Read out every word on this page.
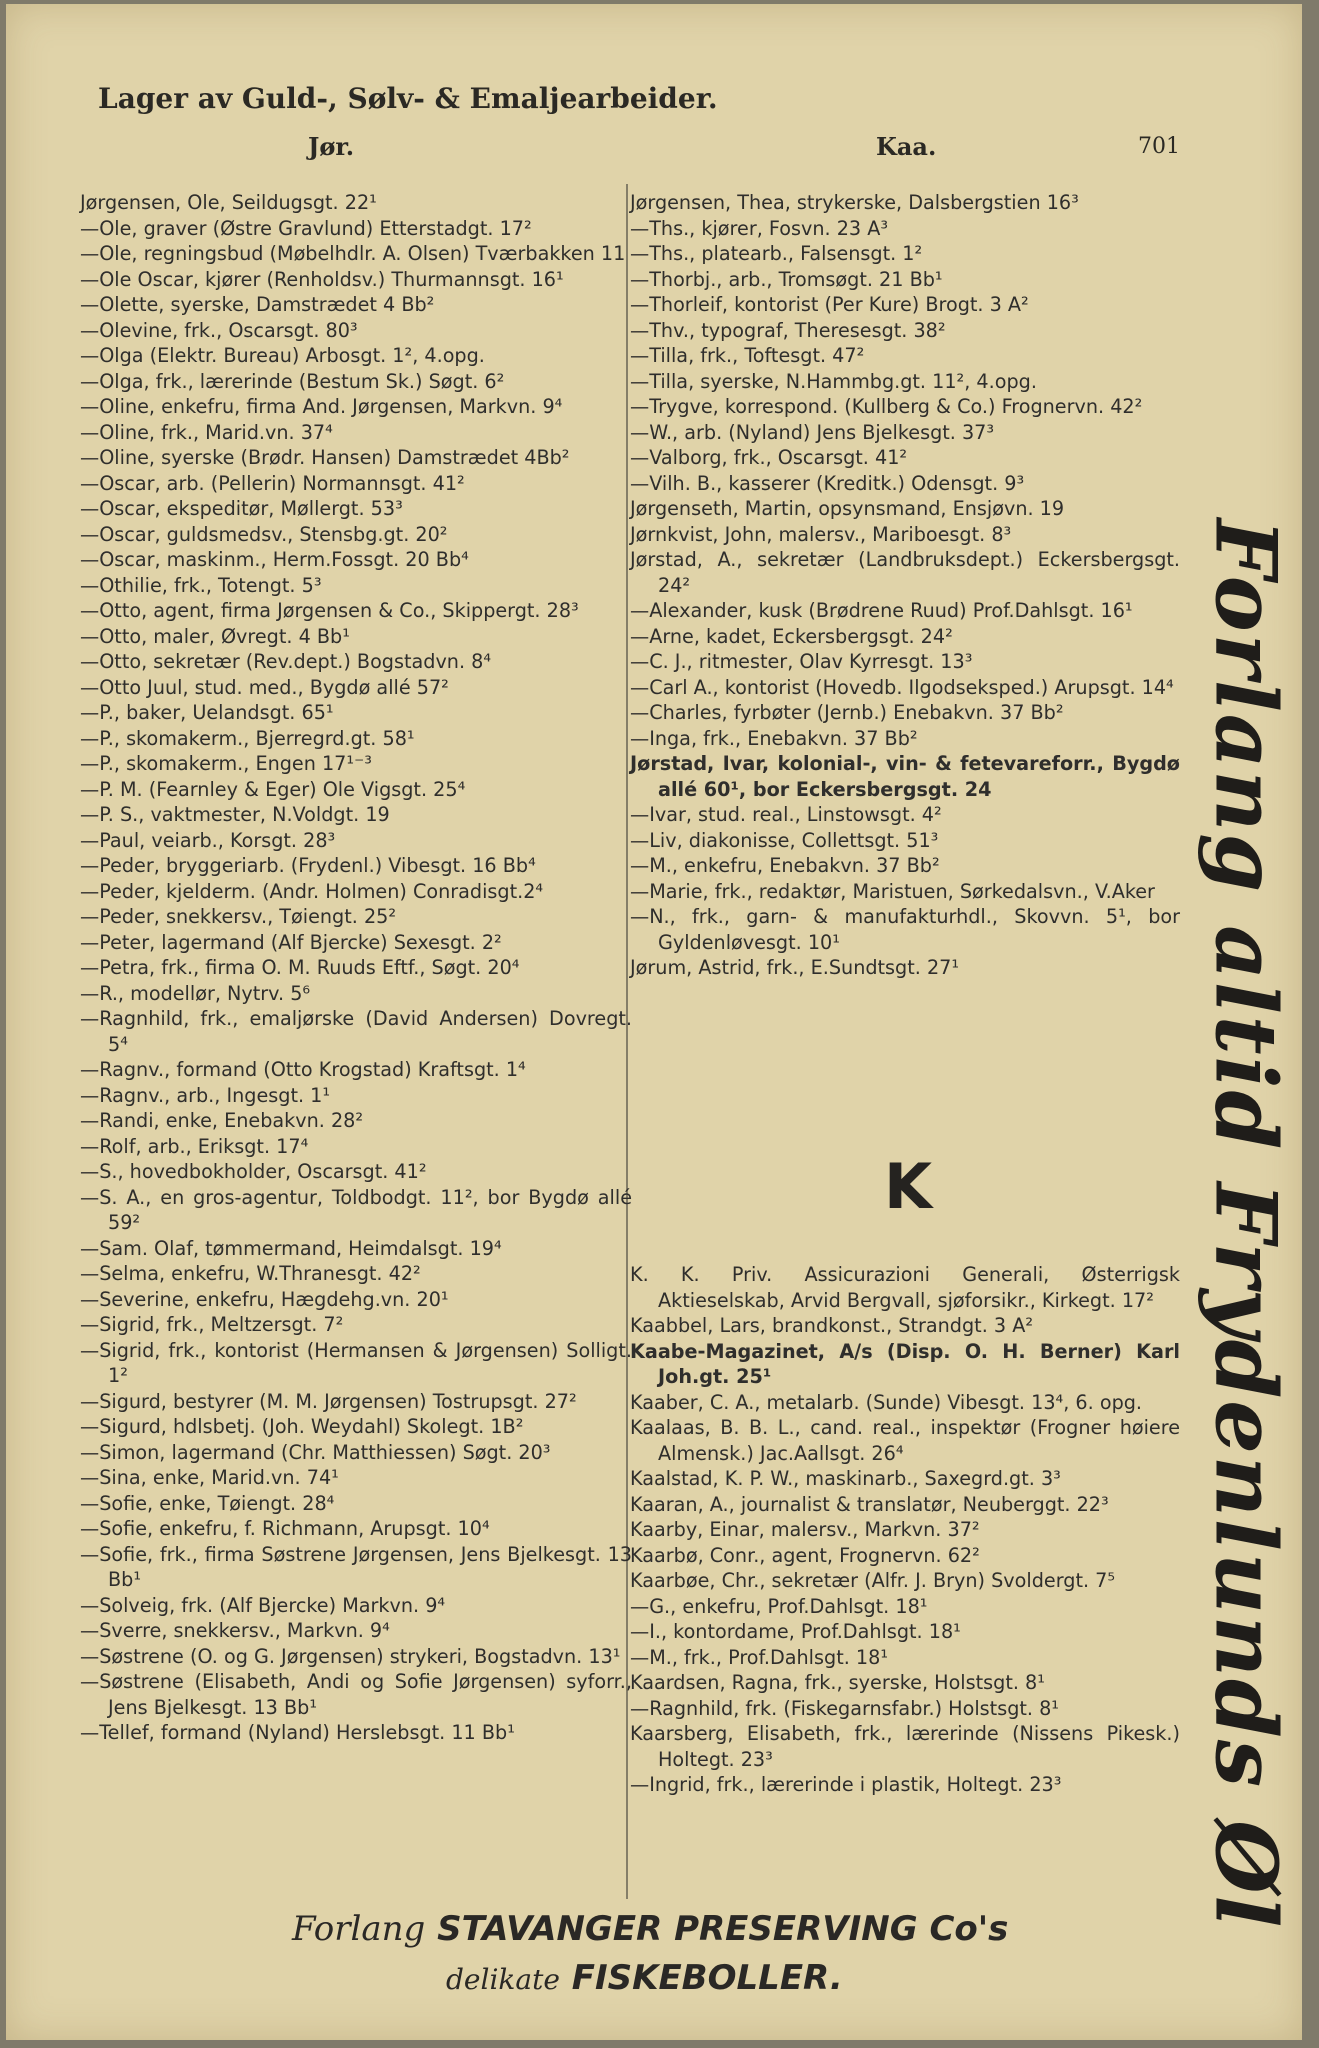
Lager av Guld-, Sølv- & Emaljearbeider.
Jør.	Kaa.	701

Jørgensen, Ole, Seildugsgt. 22¹

—Ole, graver (Østre Gravlund) Etterstadgt. 17²

—Ole, regningsbud (Møbelhdlr. A. Olsen) Tværbakken 11

—Ole Oscar, kjører (Renholdsv.) Thurmannsgt. 16¹

—Olette, syerske, Damstrædet 4 Bb²

—Olevine, frk., Oscarsgt. 80³

—Olga (Elektr. Bureau) Arbosgt. 1², 4.opg.

—Olga, frk., lærerinde (Bestum Sk.) Søgt. 6²

—Oline, enkefru, firma And. Jørgensen, Markvn. 9⁴

—Oline, frk., Marid.vn. 37⁴

—Oline, syerske (Brødr. Hansen) Damstrædet 4Bb²

—Oscar, arb. (Pellerin) Normannsgt. 41²

—Oscar, ekspeditør, Møllergt. 53³

—Oscar, guldsmedsv., Stensbg.gt. 20²

—Oscar, maskinm., Herm.Fossgt. 20 Bb⁴

—Othilie, frk., Totengt. 5³

—Otto, agent, firma Jørgensen & Co., Skippergt. 28³

—Otto, maler, Øvregt. 4 Bb¹

—Otto, sekretær (Rev.dept.) Bogstadvn. 8⁴

—Otto Juul, stud. med., Bygdø allé 57²

—P., baker, Uelandsgt. 65¹

—P., skomakerm., Bjerregrd.gt. 58¹

—P., skomakerm., Engen 17¹⁻³

—P. M. (Fearnley & Eger) Ole Vigsgt. 25⁴

—P. S., vaktmester, N.Voldgt. 19

—Paul, veiarb., Korsgt. 28³

—Peder, bryggeriarb. (Frydenl.) Vibesgt. 16 Bb⁴

—Peder, kjelderm. (Andr. Holmen) Conradisgt.2⁴

—Peder, snekkersv., Tøiengt. 25²

—Peter, lagermand (Alf Bjercke) Sexesgt. 2²

—Petra, frk., firma O. M. Ruuds Eftf., Søgt. 20⁴

—R., modellør, Nytrv. 5⁶

—Ragnhild, frk., emaljørske (David Andersen) Dovregt. 5⁴

—Ragnv., formand (Otto Krogstad) Kraftsgt. 1⁴

—Ragnv., arb., Ingesgt. 1¹

—Randi, enke, Enebakvn. 28²

—Rolf, arb., Eriksgt. 17⁴

—S., hovedbokholder, Oscarsgt. 41²

—S. A., en gros-agentur, Toldbodgt. 11², bor Bygdø allé 59²

—Sam. Olaf, tømmermand, Heimdalsgt. 19⁴

—Selma, enkefru, W.Thranesgt. 42²

—Severine, enkefru, Hægdehg.vn. 20¹

—Sigrid, frk., Meltzersgt. 7²

—Sigrid, frk., kontorist (Hermansen & Jørgensen) Solligt. 1²

—Sigurd, bestyrer (M. M. Jørgensen) Tostrupsgt. 27²

—Sigurd, hdlsbetj. (Joh. Weydahl) Skolegt. 1B²

—Simon, lagermand (Chr. Matthiessen) Søgt. 20³

—Sina, enke, Marid.vn. 74¹

—Sofie, enke, Tøiengt. 28⁴

—Sofie, enkefru, f. Richmann, Arupsgt. 10⁴

—Sofie, frk., firma Søstrene Jørgensen, Jens Bjelkesgt. 13 Bb¹

—Solveig, frk. (Alf Bjercke) Markvn. 9⁴

—Sverre, snekkersv., Markvn. 9⁴

—Søstrene (O. og G. Jørgensen) strykeri, Bogstadvn. 13¹

—Søstrene (Elisabeth, Andi og Sofie Jørgensen) syforr., Jens Bjelkesgt. 13 Bb¹

—Tellef, formand (Nyland) Herslebsgt. 11 Bb¹

Jørgensen, Thea, strykerske, Dalsbergstien 16³

—Ths., kjører, Fosvn. 23 A³

—Ths., platearb., Falsensgt. 1²

—Thorbj., arb., Tromsøgt. 21 Bb¹

—Thorleif, kontorist (Per Kure) Brogt. 3 A²

—Thv., typograf, Theresesgt. 38²

—Tilla, frk., Toftesgt. 47²

—Tilla, syerske, N.Hammbg.gt. 11², 4.opg.

—Trygve, korrespond. (Kullberg & Co.) Frognervn. 42²

—W., arb. (Nyland) Jens Bjelkesgt. 37³

—Valborg, frk., Oscarsgt. 41²

—Vilh. B., kasserer (Kreditk.) Odensgt. 9³

Jørgenseth, Martin, opsynsmand, Ensjøvn. 19

Jørnkvist, John, malersv., Mariboesgt. 8³

Jørstad, A., sekretær (Landbruksdept.) Eckersbergsgt. 24²

—Alexander, kusk (Brødrene Ruud) Prof.Dahlsgt. 16¹

—Arne, kadet, Eckersbergsgt. 24²

—C. J., ritmester, Olav Kyrresgt. 13³

—Carl A., kontorist (Hovedb. Ilgodseksped.) Arupsgt. 14⁴

—Charles, fyrbøter (Jernb.) Enebakvn. 37 Bb²

—Inga, frk., Enebakvn. 37 Bb²

Jørstad, Ivar, kolonial-, vin- & fetevareforr., Bygdø allé 60¹, bor Eckersbergsgt. 24

—Ivar, stud. real., Linstowsgt. 4²

—Liv, diakonisse, Collettsgt. 51³

—M., enkefru, Enebakvn. 37 Bb²

—Marie, frk., redaktør, Maristuen, Sørkedalsvn., V.Aker

—N., frk., garn- & manufakturhdl., Skovvn. 5¹, bor Gyldenløvesgt. 10¹

Jørum, Astrid, frk., E.Sundtsgt. 27¹

K

K. K. Priv. Assicurazioni Generali, Østerrigsk Aktieselskab, Arvid Bergvall, sjøforsikr., Kirkegt. 17²

Kaabbel, Lars, brandkonst., Strandgt. 3 A²

Kaabe-Magazinet, A/s (Disp. O. H. Berner) Karl Joh.gt. 25¹

Kaaber, C. A., metalarb. (Sunde) Vibesgt. 13⁴, 6. opg.

Kaalaas, B. B. L., cand. real., inspektør (Frogner høiere Almensk.) Jac.Aallsgt. 26⁴

Kaalstad, K. P. W., maskinarb., Saxegrd.gt. 3³

Kaaran, A., journalist & translatør, Neuberggt. 22³

Kaarby, Einar, malersv., Markvn. 37²

Kaarbø, Conr., agent, Frognervn. 62²

Kaarbøe, Chr., sekretær (Alfr. J. Bryn) Svoldergt. 7⁵

—G., enkefru, Prof.Dahlsgt. 18¹

—I., kontordame, Prof.Dahlsgt. 18¹

—M., frk., Prof.Dahlsgt. 18¹

Kaardsen, Ragna, frk., syerske, Holstsgt. 8¹

—Ragnhild, frk. (Fiskegarnsfabr.) Holstsgt. 8¹

Kaarsberg, Elisabeth, frk., lærerinde (Nissens Pikesk.) Holtegt. 23³

—Ingrid, frk., lærerinde i plastik, Holtegt. 23³	Forlang altid Frydenlunds Øl
Forlang STAVANGER PRESERVING Co's
delikate FISKEBOLLER.
